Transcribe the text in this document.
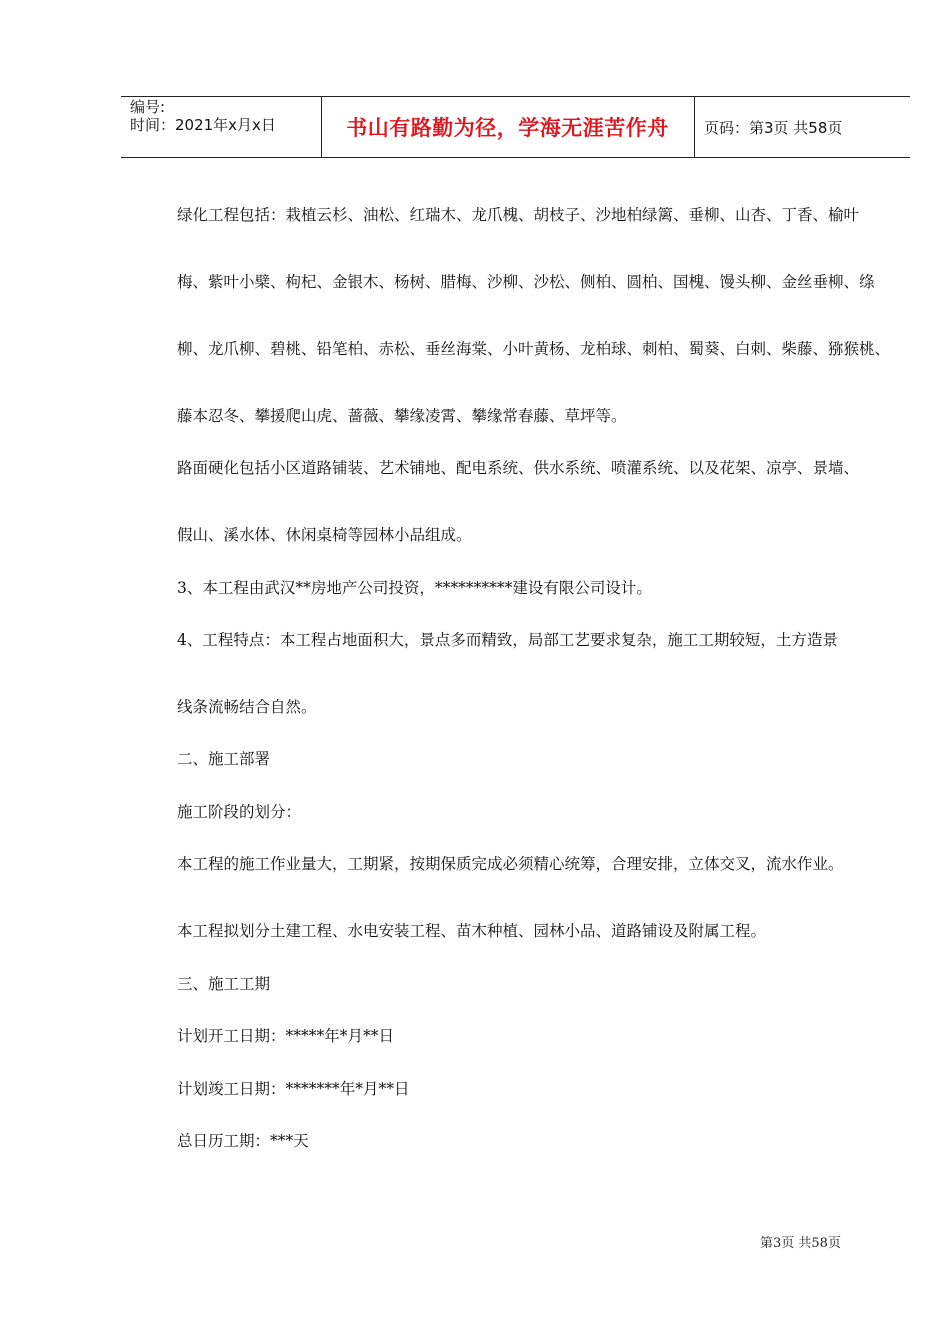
编号:
时间：2021年x月x日	书山有路勤为径，学海无涯苦作舟	页码：第3页 共58页
绿化工程包括：栽植云杉、油松、红瑞木、龙爪槐、胡枝子、沙地柏绿篱、垂柳、山杏、丁香、榆叶
梅、紫叶小檗、枸杞、金银木、杨树、腊梅、沙柳、沙松、侧柏、圆柏、国槐、馒头柳、金丝垂柳、绦
柳、龙爪柳、碧桃、铅笔柏、赤松、垂丝海棠、小叶黄杨、龙柏球、刺柏、蜀葵、白刺、柴藤、猕猴桃、
藤本忍冬、攀援爬山虎、蔷薇、攀缘凌霄、攀缘常春藤、草坪等。
路面硬化包括小区道路铺装、艺术铺地、配电系统、供水系统、喷灌系统、以及花架、凉亭、景墙、
假山、溪水体、休闲桌椅等园林小品组成。
3、本工程由武汉**房地产公司投资，**********建设有限公司设计。
4、工程特点：本工程占地面积大，景点多而精致，局部工艺要求复杂，施工工期较短，土方造景
线条流畅结合自然。
二、施工部署
施工阶段的划分：
本工程的施工作业量大，工期紧，按期保质完成必须精心统筹，合理安排，立体交叉，流水作业。
本工程拟划分土建工程、水电安装工程、苗木种植、园林小品、道路铺设及附属工程。
三、施工工期
计划开工日期：*****年*月**日
计划竣工日期：*******年*月**日
总日历工期：***天
第3页 共58页
